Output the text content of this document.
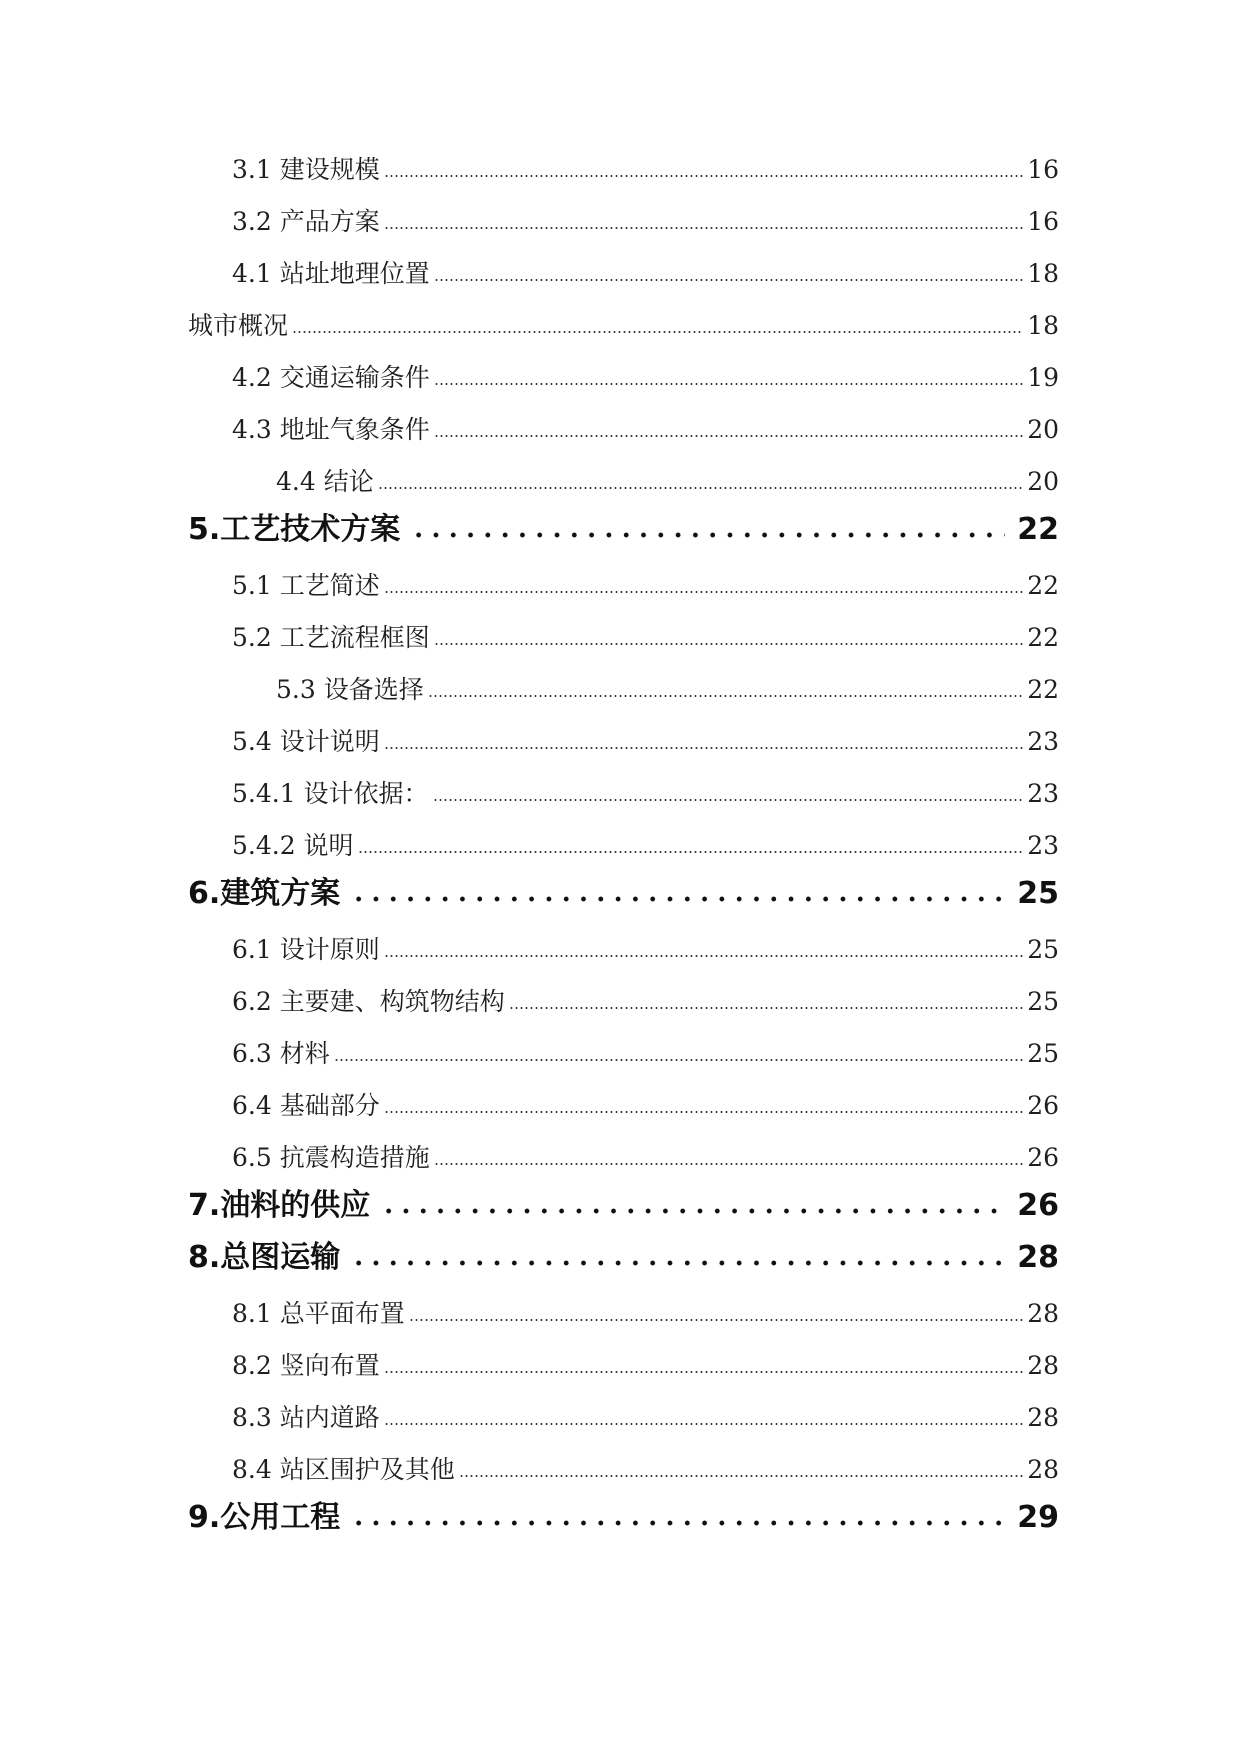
3.1 建设规模	16
3.2 产品方案	16
4.1 站址地理位置	18
城市概况	18
4.2 交通运输条件	19
4.3 地址气象条件	20
4.4 结论	20
5.工艺技术方案	22
5.1 工艺简述	22
5.2 工艺流程框图	22
5.3 设备选择	22
5.4 设计说明	23
5.4.1 设计依据：	23
5.4.2 说明	23
6.建筑方案	25
6.1 设计原则	25
6.2 主要建、构筑物结构	25
6.3 材料	25
6.4 基础部分	26
6.5 抗震构造措施	26
7.油料的供应	26
8.总图运输	28
8.1 总平面布置	28
8.2 竖向布置	28
8.3 站内道路	28
8.4 站区围护及其他	28
9.公用工程	29
